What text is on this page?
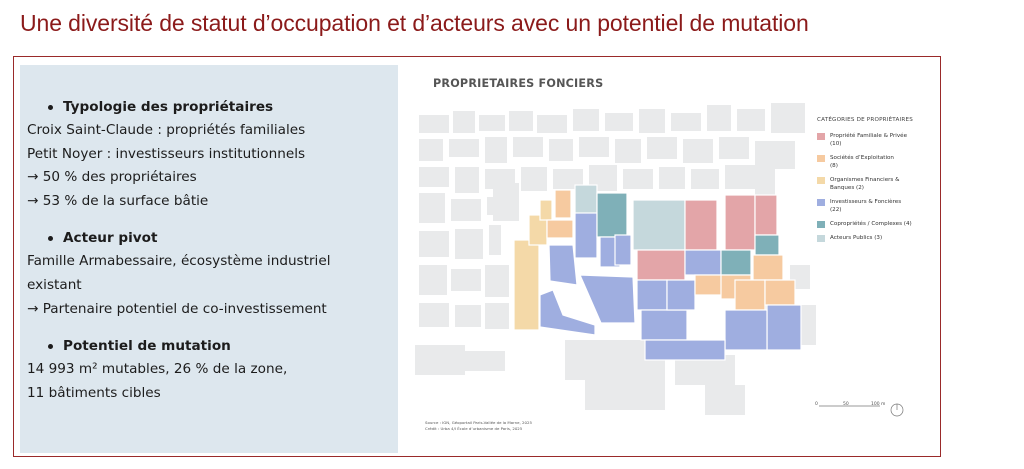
Une diversité de statut d’occupation et d’acteurs avec un potentiel de mutation
Typologie des propriétaires
Croix Saint-Claude : propriétés familiales
Petit Noyer : investisseurs institutionnels
→ 50 % des propriétaires
→ 53 % de la surface bâtie
Acteur pivot
Famille Armabessaire, écosystème industriel
existant
→ Partenaire potentiel de co-investissement
Potentiel de mutation
14 993 m² mutables, 26 % de la zone,
11 bâtiments cibles
PROPRIETAIRES FONCIERS
CATÉGORIES DE PROPRIÉTAIRES
Propriété Familiale & Privée
(10)
Sociétés d’Exploitation
(8)
Organismes Financiers &
Banques (2)
Investisseurs & Foncières
(22)
Copropriétés / Complexes (4)
Acteurs Publics (3)
Source : IGN, Géoportail Paris-Vallée de la Marne, 2025
Crédit : Urba 4/I École d’urbanisme de Paris, 2025
0	50	100 m
